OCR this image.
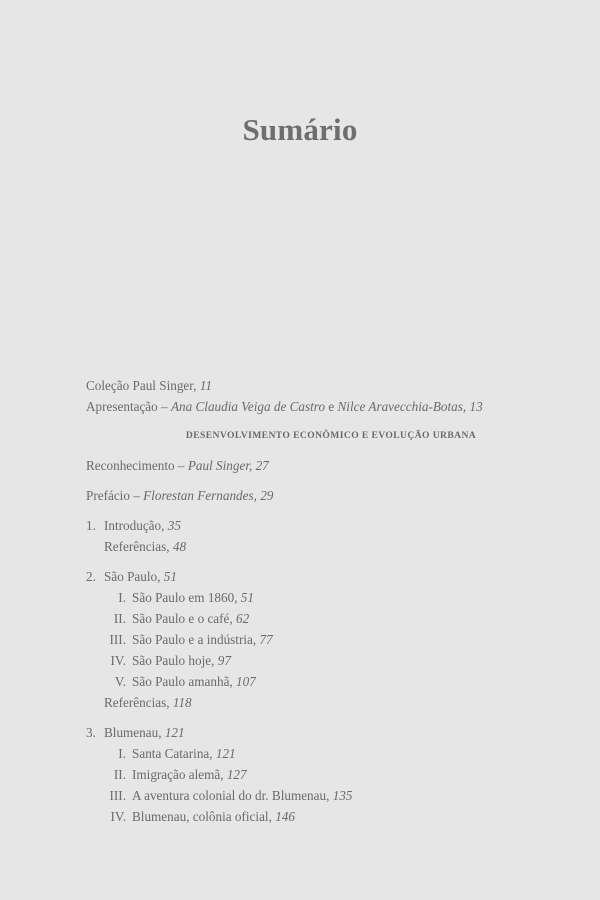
Sumário
Coleção Paul Singer, 11
Apresentação – Ana Claudia Veiga de Castro e Nilce Aravecchia-Botas, 13
DESENVOLVIMENTO ECONÔMICO E EVOLUÇÃO URBANA
Reconhecimento – Paul Singer, 27
Prefácio – Florestan Fernandes, 29
1. Introdução, 35
Referências, 48
2. São Paulo, 51
I. São Paulo em 1860, 51
II. São Paulo e o café, 62
III. São Paulo e a indústria, 77
IV. São Paulo hoje, 97
V. São Paulo amanhã, 107
Referências, 118
3. Blumenau, 121
I. Santa Catarina, 121
II. Imigração alemã, 127
III. A aventura colonial do dr. Blumenau, 135
IV. Blumenau, colônia oficial, 146
